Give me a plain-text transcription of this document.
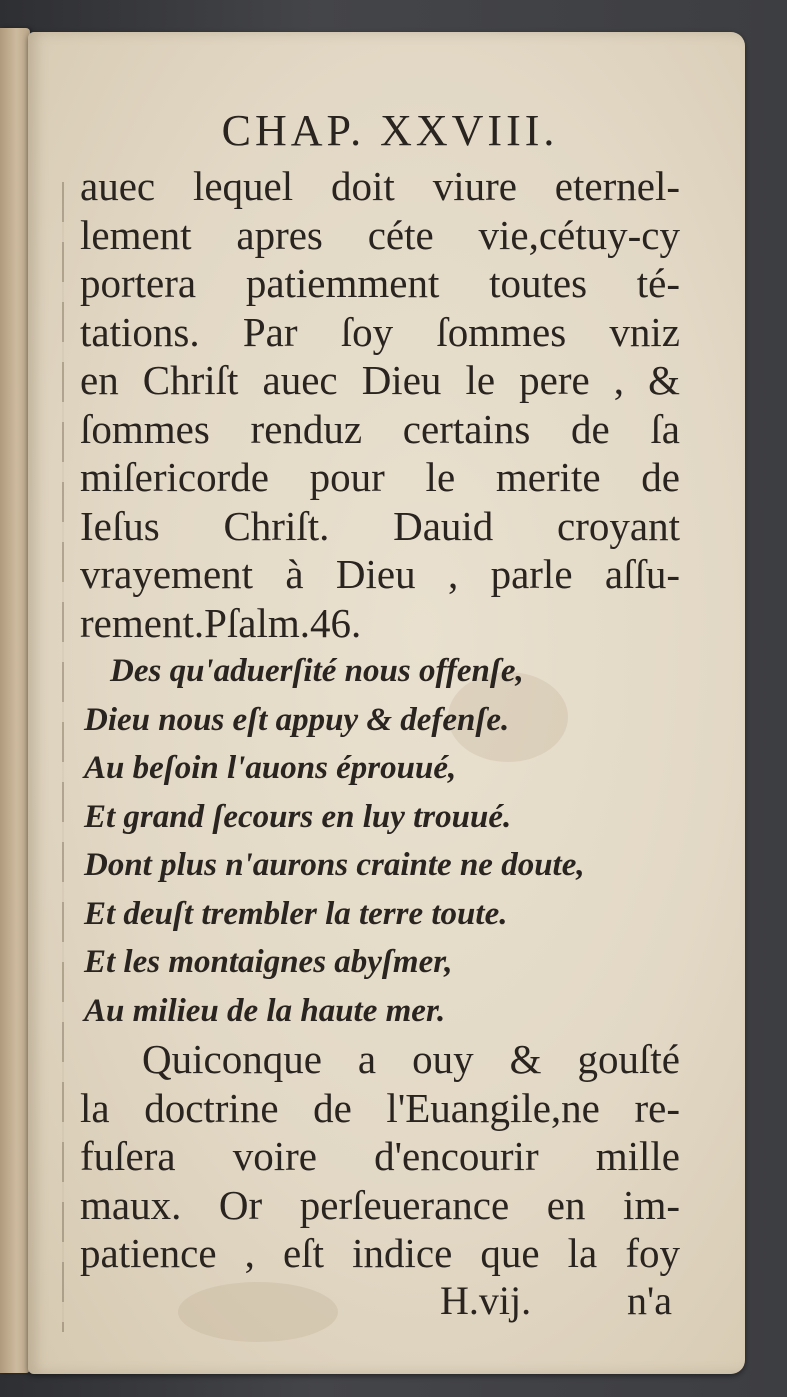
CHAP. XXVIII.
auec lequel doit viure eternel-
lement apres céte vie,cétuy-cy
portera patiemment toutes té-
tations. Par ſoy ſommes vniz
en Chriſt auec Dieu le pere , &
ſommes renduz certains de ſa
miſericorde pour le merite de
Ieſus Chriſt. Dauid croyant
vrayement à Dieu , parle aſſu-
rement.Pſalm.46.
Des qu'aduerſité nous offenſe,
Dieu nous eſt appuy & defenſe.
Au beſoin l'auons éprouué,
Et grand ſecours en luy trouué.
Dont plus n'aurons crainte ne doute,
Et deuſt trembler la terre toute.
Et les montaignes abyſmer,
Au milieu de la haute mer.
Quiconque a ouy & gouſté
la doctrine de l'Euangile,ne re-
fuſera voire d'encourir mille
maux. Or perſeuerance en im-
patience , eſt indice que la foy
H.vij. n'a
